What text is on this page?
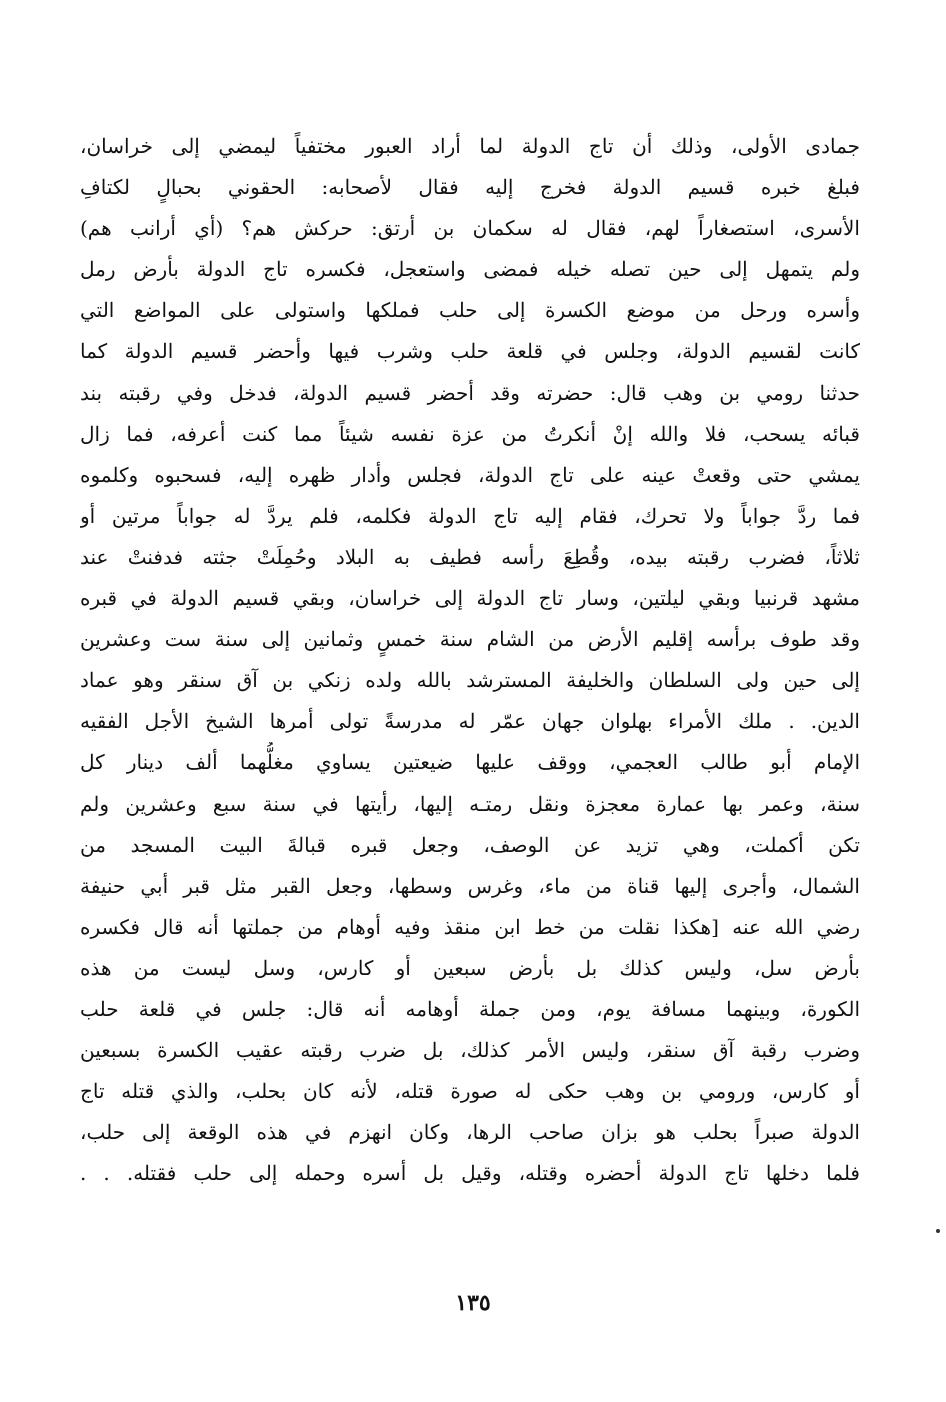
جمادى الأولى، وذلك أن تاج الدولة لما أراد العبور مختفياً ليمضي إلى خراسان،
فبلغ خبره قسيم الدولة فخرج إليه فقال لأصحابه: الحقوني بحبالٍ لكتافِ
الأسرى، استصغاراً لهم، فقال له سكمان بن أرتق: حركش هم؟ (أي أرانب هم)
ولم يتمهل إلى حين تصله خيله فمضى واستعجل، فكسره تاج الدولة بأرض رمل
وأسره ورحل من موضع الكسرة إلى حلب فملكها واستولى على المواضع التي
كانت لقسيم الدولة، وجلس في قلعة حلب وشرب فيها وأحضر قسيم الدولة كما
حدثنا رومي بن وهب قال: حضرته وقد أحضر قسيم الدولة، فدخل وفي رقبته بند
قبائه يسحب، فلا والله إنْ أنكرتُ من عزة نفسه شيئاً مما كنت أعرفه، فما زال
يمشي حتى وقعتْ عينه على تاج الدولة، فجلس وأدار ظهره إليه، فسحبوه وكلموه
فما ردَّ جواباً ولا تحرك، فقام إليه تاج الدولة فكلمه، فلم يردَّ له جواباً مرتين أو
ثلاثاً، فضرب رقبته بيده، وقُطِعَ رأسه فطيف به البلاد وحُمِلَتْ جثته فدفنتْ عند
مشهد قرنبيا وبقي ليلتين، وسار تاج الدولة إلى خراسان، وبقي قسيم الدولة في قبره
وقد طوف برأسه إقليم الأرض من الشام سنة خمسٍ وثمانين إلى سنة ست وعشرين
إلى حين ولى السلطان والخليفة المسترشد بالله ولده زنكي بن آق سنقر وهو عماد
الدين. . ملك الأمراء بهلوان جهان عمّر له مدرسةً تولى أمرها الشيخ الأجل الفقيه
الإمام أبو طالب العجمي، ووقف عليها ضيعتين يساوي مغلُّهما ألف دينار كل
سنة، وعمر بها عمارة معجزة ونقل رمتـه إليها، رأيتها في سنة سبع وعشرين ولم
تكن أكملت، وهي تزيد عن الوصف، وجعل قبره قبالةَ البيت المسجد من
الشمال، وأجرى إليها قناة من ماء، وغرس وسطها، وجعل القبر مثل قبر أبي حنيفة
رضي الله عنه [هكذا نقلت من خط ابن منقذ وفيه أوهام من جملتها أنه قال فكسره
بأرض سل، وليس كذلك بل بأرض سبعين أو كارس، وسل ليست من هذه
الكورة، وبينهما مسافة يوم، ومن جملة أوهامه أنه قال: جلس في قلعة حلب
وضرب رقبة آق سنقر، وليس الأمر كذلك، بل ضرب رقبته عقيب الكسرة بسبعين
أو كارس، ورومي بن وهب حكى له صورة قتله، لأنه كان بحلب، والذي قتله تاج
الدولة صبراً بحلب هو بزان صاحب الرها، وكان انهزم في هذه الوقعة إلى حلب،
فلما دخلها تاج الدولة أحضره وقتله، وقيل بل أسره وحمله إلى حلب فقتله. . .
١٣٥
